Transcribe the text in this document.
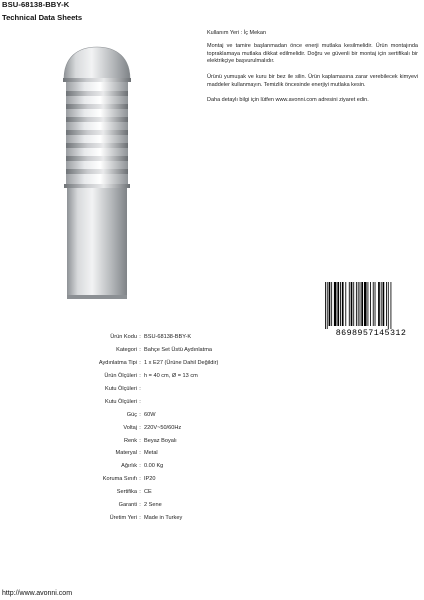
BSU-68138-BBY-K
Technical Data Sheets

Kullanım Yeri : İç Mekan

Montaj ve tamire başlanmadan önce enerji mutlaka kesilmelidir. Ürün montajında topraklamaya mutlaka dikkat edilmelidir. Doğru ve güvenli bir montaj için sertifikalı bir elektrikçiye başvurulmalıdır.

Ürünü yumuşak ve kuru bir bez ile silin. Ürün kaplamasına zarar verebilecek kimyevi maddeler kullanmayın. Temizlik öncesinde enerjiyi mutlaka kesin.

Daha detaylı bilgi için lütfen www.avonni.com adresini ziyaret edin.

8698957145312
Ürün Kodu : BSU-68138-BBY-K
Kategori : Bahçe Set Üstü Aydınlatma
Aydınlatma Tipi : 1 x E27 (Ürüne Dahil Değildir)
Ürün Ölçüleri : h = 40 cm, Ø = 13 cm
Kutu Ölçüleri :
Kutu Ölçüleri :
Güç : 60W
Voltaj : 220V~50/60Hz
Renk : Beyaz Boyalı
Materyal : Metal
Ağırlık : 0.00 Kg
Koruma Sınıfı : IP20
Sertifika : CE
Garanti : 2 Sene
Üretim Yeri : Made in Turkey
http://www.avonni.com
